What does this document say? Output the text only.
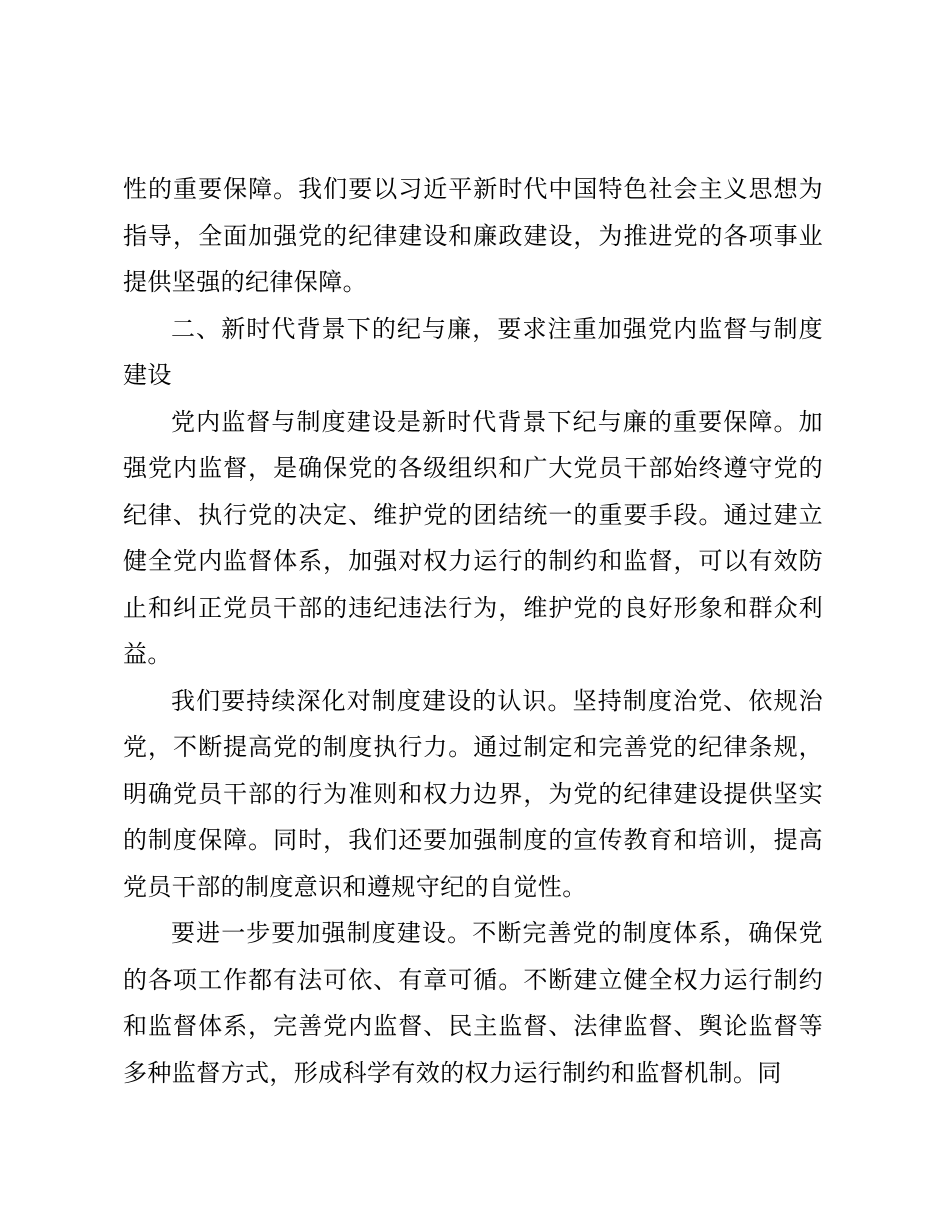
性的重要保障。我们要以习近平新时代中国特色社会主义思想为指导，全面加强党的纪律建设和廉政建设，为推进党的各项事业提供坚强的纪律保障。

二、新时代背景下的纪与廉，要求注重加强党内监督与制度建设

党内监督与制度建设是新时代背景下纪与廉的重要保障。加强党内监督，是确保党的各级组织和广大党员干部始终遵守党的纪律、执行党的决定、维护党的团结统一的重要手段。通过建立健全党内监督体系，加强对权力运行的制约和监督，可以有效防止和纠正党员干部的违纪违法行为，维护党的良好形象和群众利益。

我们要持续深化对制度建设的认识。坚持制度治党、依规治党，不断提高党的制度执行力。通过制定和完善党的纪律条规，明确党员干部的行为准则和权力边界，为党的纪律建设提供坚实的制度保障。同时，我们还要加强制度的宣传教育和培训，提高党员干部的制度意识和遵规守纪的自觉性。

要进一步要加强制度建设。不断完善党的制度体系，确保党的各项工作都有法可依、有章可循。不断建立健全权力运行制约和监督体系，完善党内监督、民主监督、法律监督、舆论监督等多种监督方式，形成科学有效的权力运行制约和监督机制。同
